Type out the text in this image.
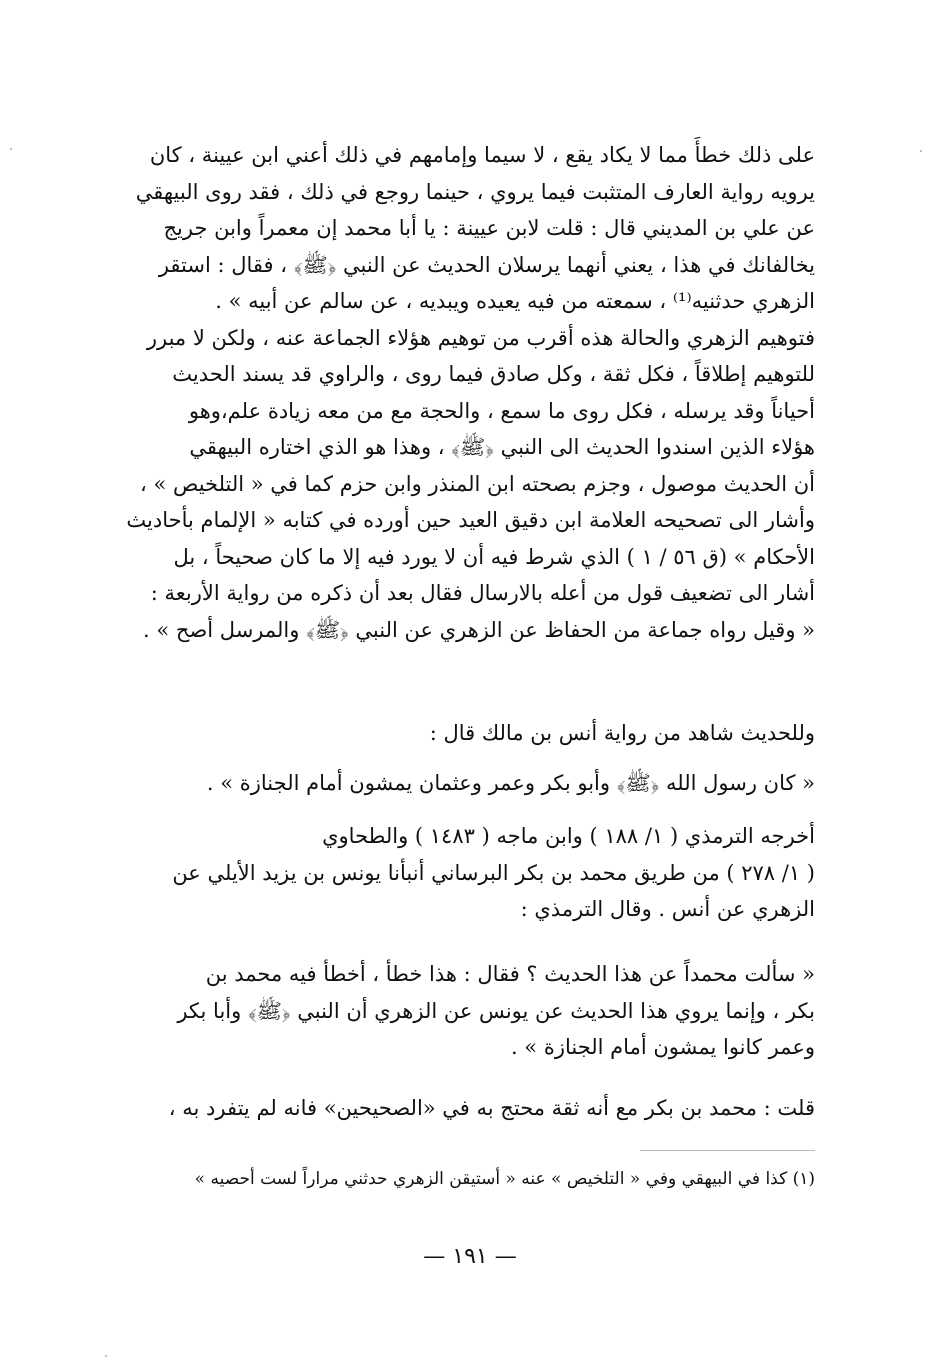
على ذلك خطأً مما لا يكاد يقع ، لا سيما وإمامهم في ذلك أعني ابن عيينة ، كان
يرويه رواية العارف المتثبت فيما يروي ، حينما روجع في ذلك ، فقد روى البيهقي
عن علي بن المديني قال : قلت لابن عيينة : يا أبا محمد إن معمراً وابن جريج
يخالفانك في هذا ، يعني أنهما يرسلان الحديث عن النبي ﴿ﷺ﴾ ، فقال : استقر
الزهري حدثنيه⁽¹⁾ ، سمعته من فيه يعيده ويبديه ، عن سالم عن أبيه » .
فتوهيم الزهري والحالة هذه أقرب من توهيم هؤلاء الجماعة عنه ، ولكن لا مبرر
للتوهيم إطلاقاً ، فكل ثقة ، وكل صادق فيما روى ، والراوي قد يسند الحديث
أحياناً وقد يرسله ، فكل روى ما سمع ، والحجة مع من معه زيادة علم،وهو
هؤلاء الذين اسندوا الحديث الى النبي ﴿ﷺ﴾ ، وهذا هو الذي اختاره البيهقي
أن الحديث موصول ، وجزم بصحته ابن المنذر وابن حزم كما في « التلخيص » ،
وأشار الى تصحيحه العلامة ابن دقيق العيد حين أورده في كتابه « الإلمام بأحاديث
الأحكام » (ق ٥٦ / ١ ) الذي شرط فيه أن لا يورد فيه إلا ما كان صحيحاً ، بل
أشار الى تضعيف قول من أعله بالارسال فقال بعد أن ذكره من رواية الأربعة :
« وقيل رواه جماعة من الحفاظ عن الزهري عن النبي ﴿ﷺ﴾ والمرسل أصح » .
وللحديث شاهد من رواية أنس بن مالك قال :
« كان رسول الله ﴿ﷺ﴾ وأبو بكر وعمر وعثمان يمشون أمام الجنازة » .
أخرجه الترمذي ( ١/ ١٨٨ ) وابن ماجه ( ١٤٨٣ ) والطحاوي
( ١/ ٢٧٨ ) من طريق محمد بن بكر البرساني أنبأنا يونس بن يزيد الأيلي عن
الزهري عن أنس . وقال الترمذي :
« سألت محمداً عن هذا الحديث ؟ فقال : هذا خطأ ، أخطأ فيه محمد بن
بكر ، وإنما يروي هذا الحديث عن يونس عن الزهري أن النبي ﴿ﷺ﴾ وأبا بكر
وعمر كانوا يمشون أمام الجنازة » .
قلت : محمد بن بكر مع أنه ثقة محتج به في «الصحيحين» فانه لم يتفرد به ،
(١) كذا في البيهقي وفي « التلخيص » عنه « أستيقن الزهري حدثني مراراً لست أحصيه »
— ١٩١ —
